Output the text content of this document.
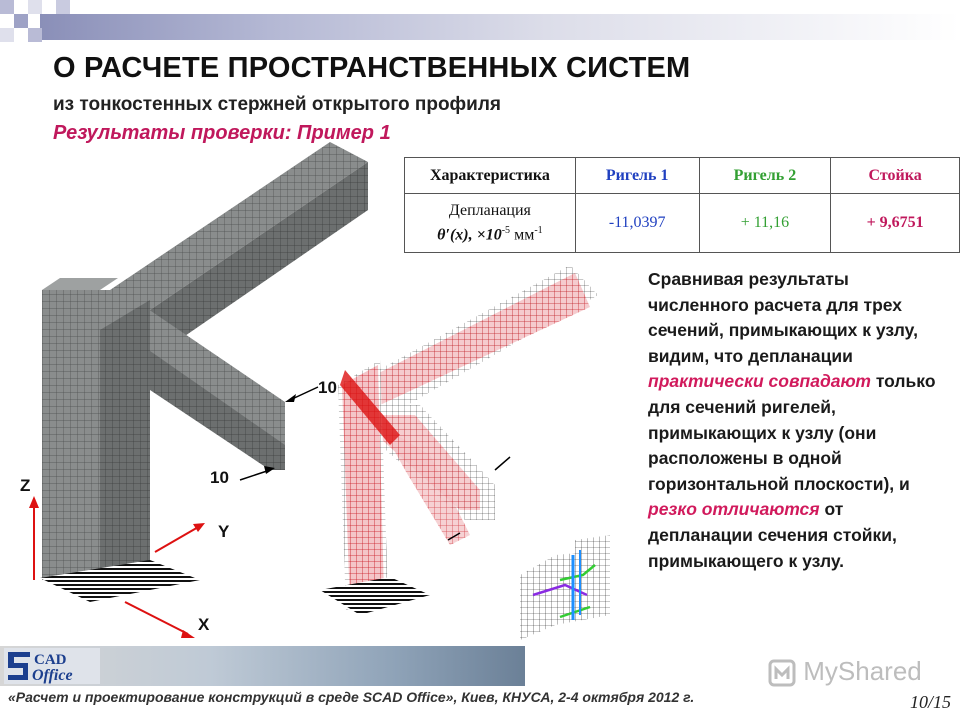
О РАСЧЕТЕ ПРОСТРАНСТВЕННЫХ СИСТЕМ
из тонкостенных стержней открытого профиля
Результаты проверки: Пример 1
Характеристика	Ригель 1	Ригель 2	Стойка
Депланация
θ′(x), $\times 10^{-5}$ $мм^{-1}$	-11,0397	+ 11,16	+ 9,6751
10
10
Z
Y
X
Сравнивая результаты численного расчета для трех сечений, примыкающих к узлу, видим, что депланации практически совпадают только для сечений ригелей, примыкающих к узлу (они расположены в одной горизонтальной плоскости), и резко отличаются от депланации сечения стойки, примыкающего к узлу.
MyShared
CAD
Office
«Расчет и проектирование конструкций в среде SCAD Office», Киев, КНУСА, 2-4 октября 2012 г.	10/15
